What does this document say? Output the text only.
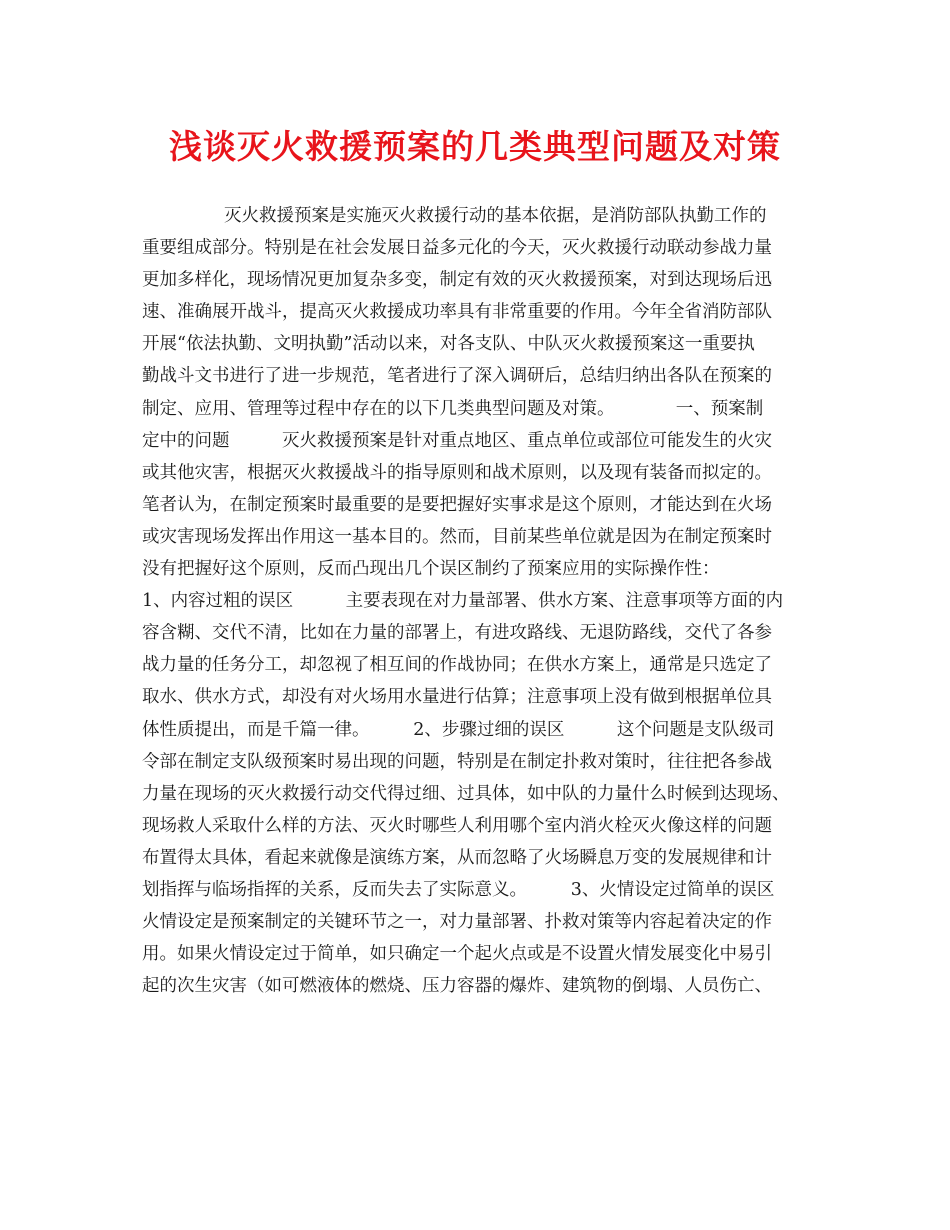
浅谈灭火救援预案的几类典型问题及对策
灭火救援预案是实施灭火救援行动的基本依据，是消防部队执勤工作的
重要组成部分。特别是在社会发展日益多元化的今天，灭火救援行动联动参战力量
更加多样化，现场情况更加复杂多变，制定有效的灭火救援预案，对到达现场后迅
速、准确展开战斗，提高灭火救援成功率具有非常重要的作用。今年全省消防部队
开展“依法执勤、文明执勤”活动以来，对各支队、中队灭火救援预案这一重要执
勤战斗文书进行了进一步规范，笔者进行了深入调研后，总结归纳出各队在预案的
制定、应用、管理等过程中存在的以下几类典型问题及对策。　　　　一、预案制
定中的问题　　　灭火救援预案是针对重点地区、重点单位或部位可能发生的火灾
或其他灾害，根据灭火救援战斗的指导原则和战术原则，以及现有装备而拟定的。
笔者认为，在制定预案时最重要的是要把握好实事求是这个原则，才能达到在火场
或灾害现场发挥出作用这一基本目的。然而，目前某些单位就是因为在制定预案时
没有把握好这个原则，反而凸现出几个误区制约了预案应用的实际操作性：
1、内容过粗的误区　　　主要表现在对力量部署、供水方案、注意事项等方面的内
容含糊、交代不清，比如在力量的部署上，有进攻路线、无退防路线，交代了各参
战力量的任务分工，却忽视了相互间的作战协同；在供水方案上，通常是只选定了
取水、供水方式，却没有对火场用水量进行估算；注意事项上没有做到根据单位具
体性质提出，而是千篇一律。　　　2、步骤过细的误区　　　这个问题是支队级司
令部在制定支队级预案时易出现的问题，特别是在制定扑救对策时，往往把各参战
力量在现场的灭火救援行动交代得过细、过具体，如中队的力量什么时候到达现场、
现场救人采取什么样的方法、灭火时哪些人利用哪个室内消火栓灭火像这样的问题
布置得太具体，看起来就像是演练方案，从而忽略了火场瞬息万变的发展规律和计
划指挥与临场指挥的关系，反而失去了实际意义。　　　3、火情设定过简单的误区
火情设定是预案制定的关键环节之一，对力量部署、扑救对策等内容起着决定的作
用。如果火情设定过于简单，如只确定一个起火点或是不设置火情发展变化中易引
起的次生灾害（如可燃液体的燃烧、压力容器的爆炸、建筑物的倒塌、人员伤亡、
